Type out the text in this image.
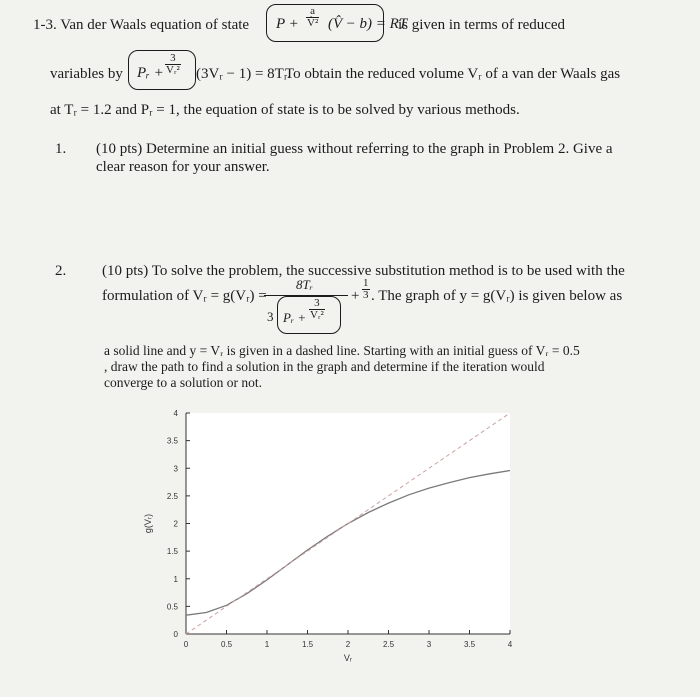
1-3. Van der Waals equation of state $P + \frac{a}{\text{V̂²}}$ (V̂ − b) = RT
is given in terms of reduced
variables by Pᵣ + $\frac{3}{\text{Vᵣ²}}$ (3Vᵣ − 1) = 8Tᵣ.
To obtain the reduced volume Vᵣ of a van der Waals gas
at Tᵣ = 1.2 and Pᵣ = 1, the equation of state is to be solved by various methods.
1. (10 pts) Determine an initial guess without referring to the graph in Problem 2. Give a
clear reason for your answer.
2. (10 pts) To solve the problem, the successive substitution method is to be used with the
formulation of Vᵣ = g(Vᵣ) =
8Tᵣ
3 Pᵣ + $\frac{3}{\text{Vᵣ²}}$
+ $\frac{1}{3}$ . The graph of y = g(Vᵣ) is given below as
a solid line and y = Vᵣ is given in a dashed line. Starting with an initial guess of Vᵣ = 0.5
, draw the path to find a solution in the graph and determine if the iteration would
converge to a solution or not.
0	0.5	1	1.5	2	2.5	3	3.5	4
0
0.5
1
1.5
2
2.5
3
3.5
4
Vᵣ
g(Vᵣ)
